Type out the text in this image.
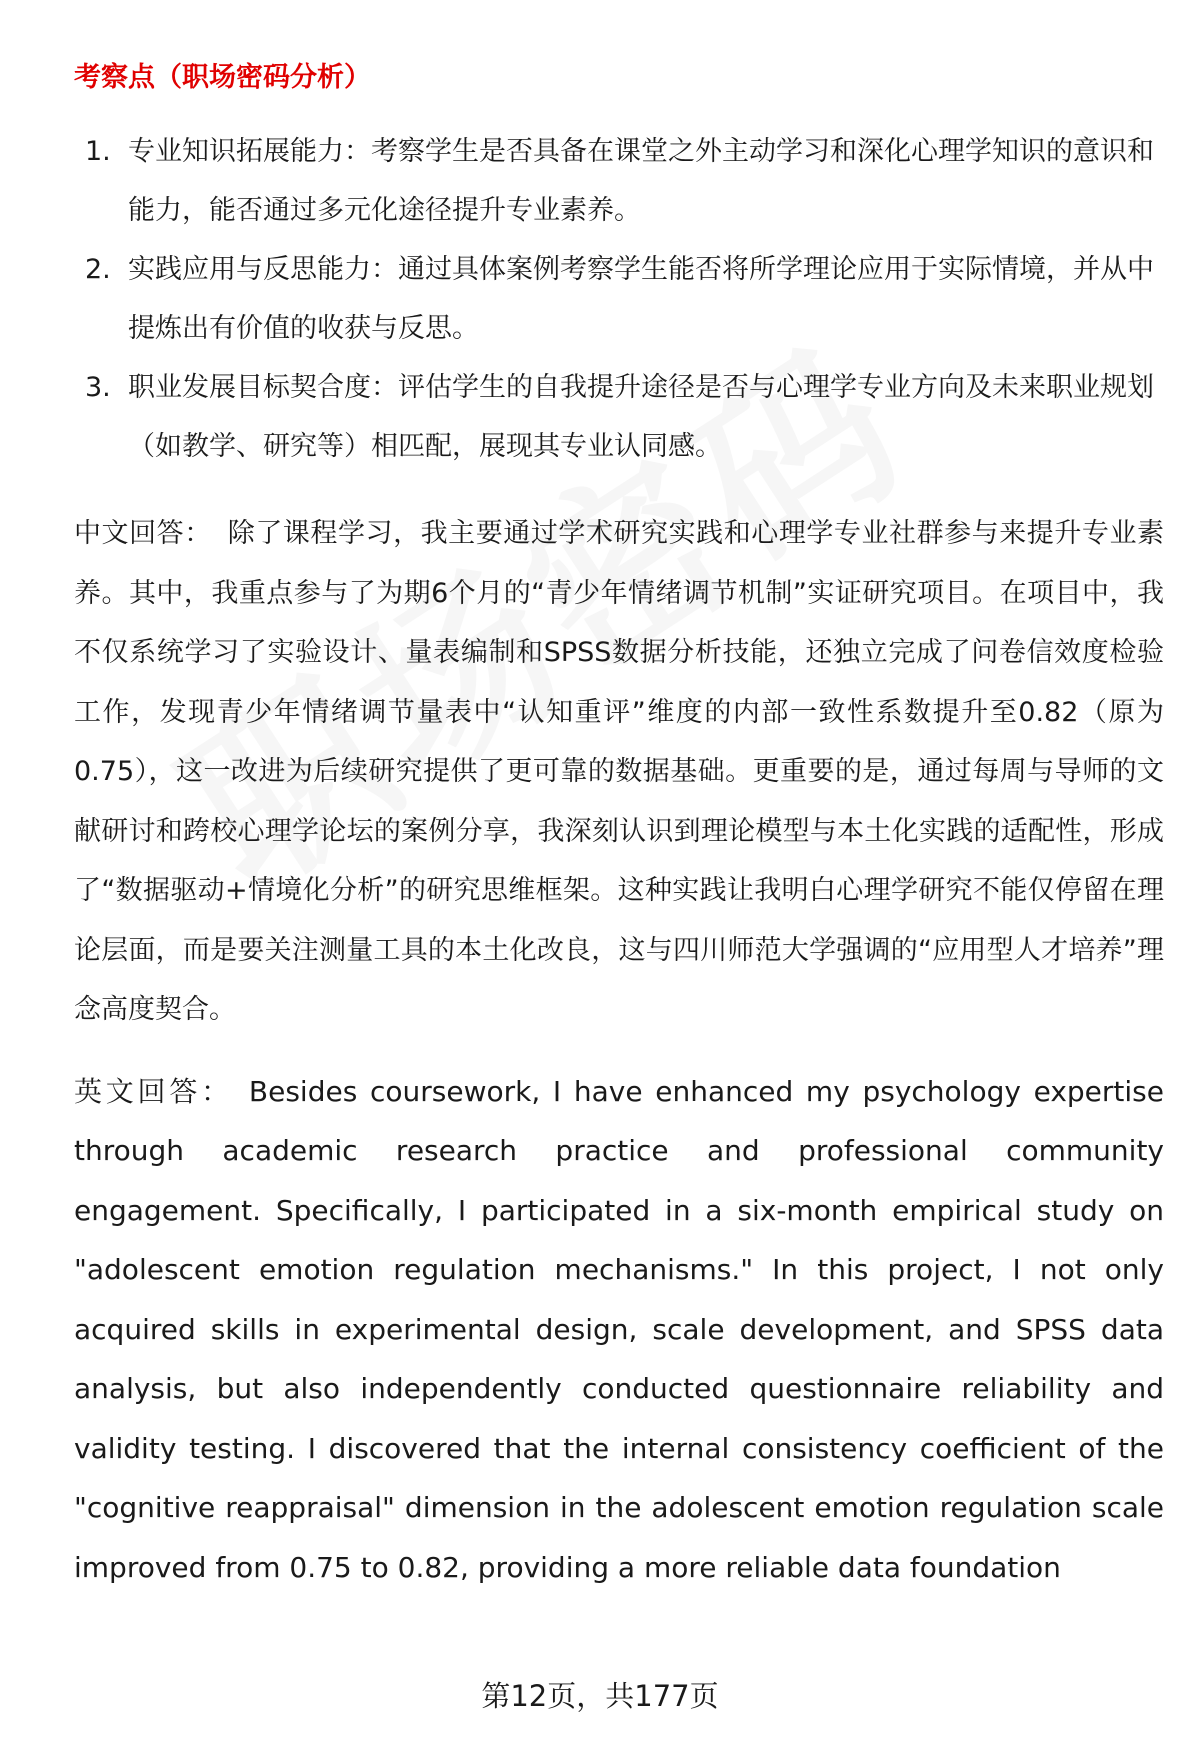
考察点（职场密码分析）
1. 专业知识拓展能力：考察学生是否具备在课堂之外主动学习和深化心理学知识的意识和能力，能否通过多元化途径提升专业素养。
2. 实践应用与反思能力：通过具体案例考察学生能否将所学理论应用于实际情境，并从中提炼出有价值的收获与反思。
3. 职业发展目标契合度：评估学生的自我提升途径是否与心理学专业方向及未来职业规划（如教学、研究等）相匹配，展现其专业认同感。

中文回答： 除了课程学习，我主要通过学术研究实践和心理学专业社群参与来提升专业素养。其中，我重点参与了为期6个月的“青少年情绪调节机制”实证研究项目。在项目中，我不仅系统学习了实验设计、量表编制和SPSS数据分析技能，还独立完成了问卷信效度检验工作，发现青少年情绪调节量表中“认知重评”维度的内部一致性系数提升至0.82（原为0.75），这一改进为后续研究提供了更可靠的数据基础。更重要的是，通过每周与导师的文献研讨和跨校心理学论坛的案例分享，我深刻认识到理论模型与本土化实践的适配性，形成了“数据驱动+情境化分析”的研究思维框架。这种实践让我明白心理学研究不能仅停留在理论层面，而是要关注测量工具的本土化改良，这与四川师范大学强调的“应用型人才培养”理念高度契合。

英文回答： Besides coursework, I have enhanced my psychology expertise through academic research practice and professional community engagement. Specifically, I participated in a six-month empirical study on "adolescent emotion regulation mechanisms." In this project, I not only acquired skills in experimental design, scale development, and SPSS data analysis, but also independently conducted questionnaire reliability and validity testing. I discovered that the internal consistency coefficient of the "cognitive reappraisal" dimension in the adolescent emotion regulation scale improved from 0.75 to 0.82, providing a more reliable data foundation

第12页，共177页
